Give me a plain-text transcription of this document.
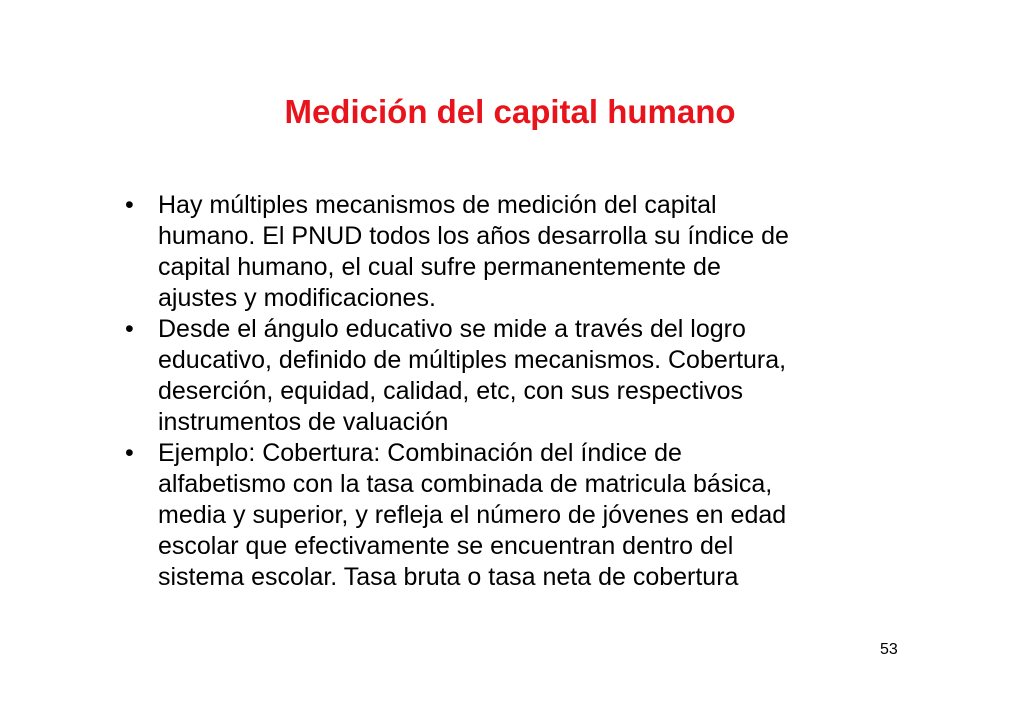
Medición del capital humano
• Hay múltiples mecanismos de medición del capital
humano. El PNUD todos los años desarrolla su índice de
capital humano, el cual sufre permanentemente de
ajustes y modificaciones.
• Desde el ángulo educativo se mide a través del logro
educativo, definido de múltiples mecanismos. Cobertura,
deserción, equidad, calidad, etc, con sus respectivos
instrumentos de valuación
• Ejemplo: Cobertura: Combinación del índice de
alfabetismo con la tasa combinada de matricula básica,
media y superior, y refleja el número de jóvenes en edad
escolar que efectivamente se encuentran dentro del
sistema escolar. Tasa bruta o tasa neta de cobertura
53
